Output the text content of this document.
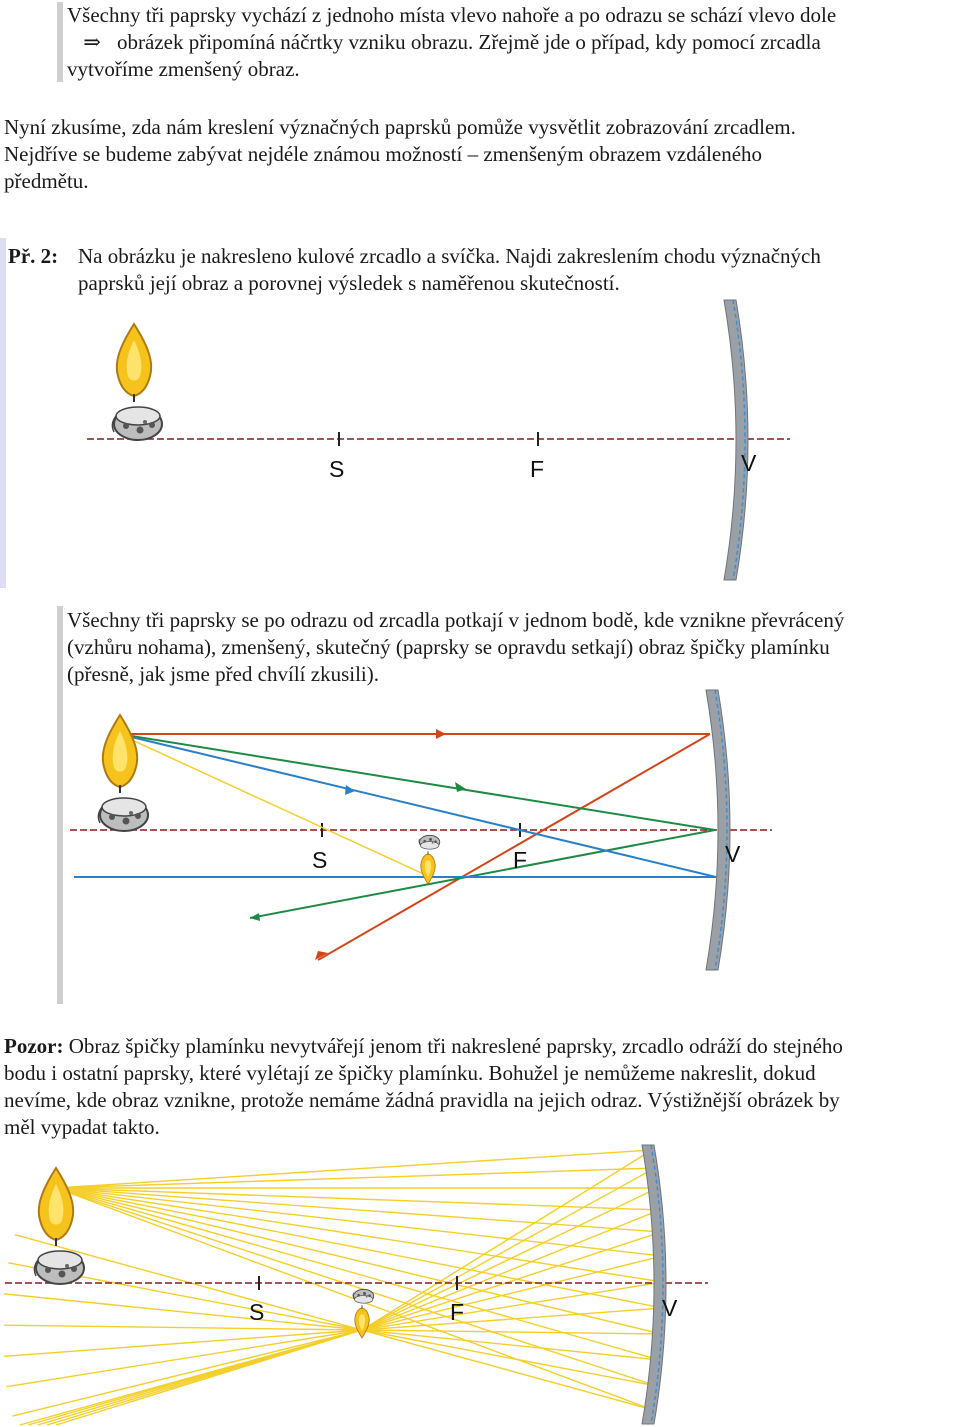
Všechny tři paprsky vychází z jednoho místa vlevo nahoře a po odrazu se schází vlevo dole
⇒ obrázek připomíná náčrtky vzniku obrazu. Zřejmě jde o případ, kdy pomocí zrcadla
vytvoříme zmenšený obraz.
Nyní zkusíme, zda nám kreslení význačných paprsků pomůže vysvětlit zobrazování zrcadlem.
Nejdříve se budeme zabývat nejdéle známou možností – zmenšeným obrazem vzdáleného
předmětu.
Př. 2: Na obrázku je nakresleno kulové zrcadlo a svíčka. Najdi zakreslením chodu význačných
paprsků její obraz a porovnej výsledek s naměřenou skutečností.
S	F	V
Všechny tři paprsky se po odrazu od zrcadla potkají v jednom bodě, kde vznikne převrácený
(vzhůru nohama), zmenšený, skutečný (paprsky se opravdu setkají) obraz špičky plamínku
(přesně, jak jsme před chvílí zkusili).
S	F	V
Pozor: Obraz špičky plamínku nevytvářejí jenom tři nakreslené paprsky, zrcadlo odráží do stejného
bodu i ostatní paprsky, které vylétají ze špičky plamínku. Bohužel je nemůžeme nakreslit, dokud
nevíme, kde obraz vznikne, protože nemáme žádná pravidla na jejich odraz. Výstižnější obrázek by
měl vypadat takto.
S	F	V
